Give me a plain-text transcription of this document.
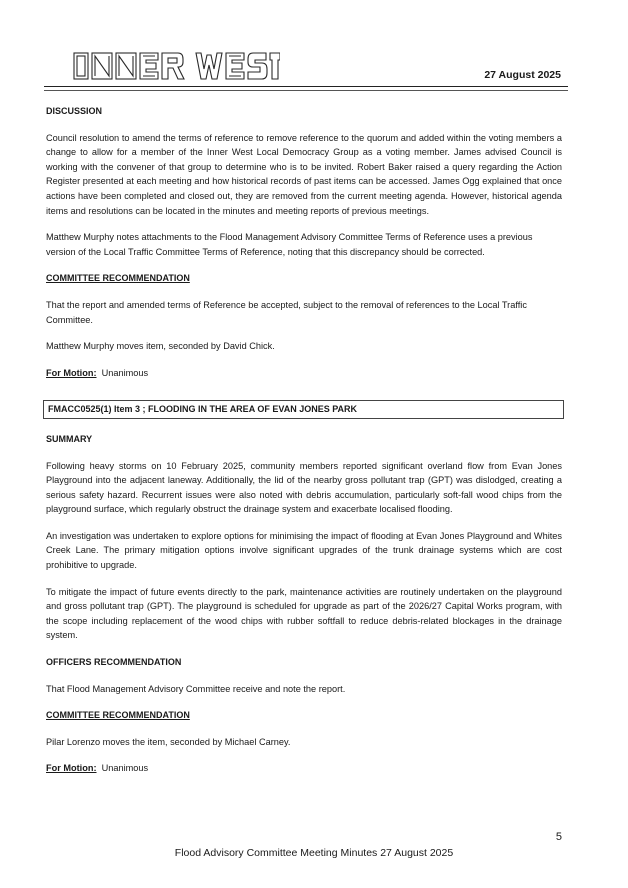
27 August 2025
DISCUSSION

Council resolution to amend the terms of reference to remove reference to the quorum and added within the voting members a change to allow for a member of the Inner West Local Democracy Group as a voting member. James advised Council is working with the convener of that group to determine who is to be invited. Robert Baker raised a query regarding the Action Register presented at each meeting and how historical records of past items can be accessed. James Ogg explained that once actions have been completed and closed out, they are removed from the current meeting agenda. However, historical agenda items and resolutions can be located in the minutes and meeting reports of previous meetings.

Matthew Murphy notes attachments to the Flood Management Advisory Committee Terms of Reference uses a previous version of the Local Traffic Committee Terms of Reference, noting that this discrepancy should be corrected.

COMMITTEE RECOMMENDATION

That the report and amended terms of Reference be accepted, subject to the removal of references to the Local Traffic Committee.

Matthew Murphy moves item, seconded by David Chick.

For Motion: Unanimous
FMACC0525(1) Item 3 ; FLOODING IN THE AREA OF EVAN JONES PARK
SUMMARY

Following heavy storms on 10 February 2025, community members reported significant overland flow from Evan Jones Playground into the adjacent laneway. Additionally, the lid of the nearby gross pollutant trap (GPT) was dislodged, creating a serious safety hazard. Recurrent issues were also noted with debris accumulation, particularly soft-fall wood chips from the playground surface, which regularly obstruct the drainage system and exacerbate localised flooding.

An investigation was undertaken to explore options for minimising the impact of flooding at Evan Jones Playground and Whites Creek Lane. The primary mitigation options involve significant upgrades of the trunk drainage systems which are cost prohibitive to upgrade.

To mitigate the impact of future events directly to the park, maintenance activities are routinely undertaken on the playground and gross pollutant trap (GPT). The playground is scheduled for upgrade as part of the 2026/27 Capital Works program, with the scope including replacement of the wood chips with rubber softfall to reduce debris-related blockages in the drainage system.

OFFICERS RECOMMENDATION

That Flood Management Advisory Committee receive and note the report.

COMMITTEE RECOMMENDATION

Pilar Lorenzo moves the item, seconded by Michael Carney.

For Motion: Unanimous
5
Flood Advisory Committee Meeting Minutes 27 August 2025
